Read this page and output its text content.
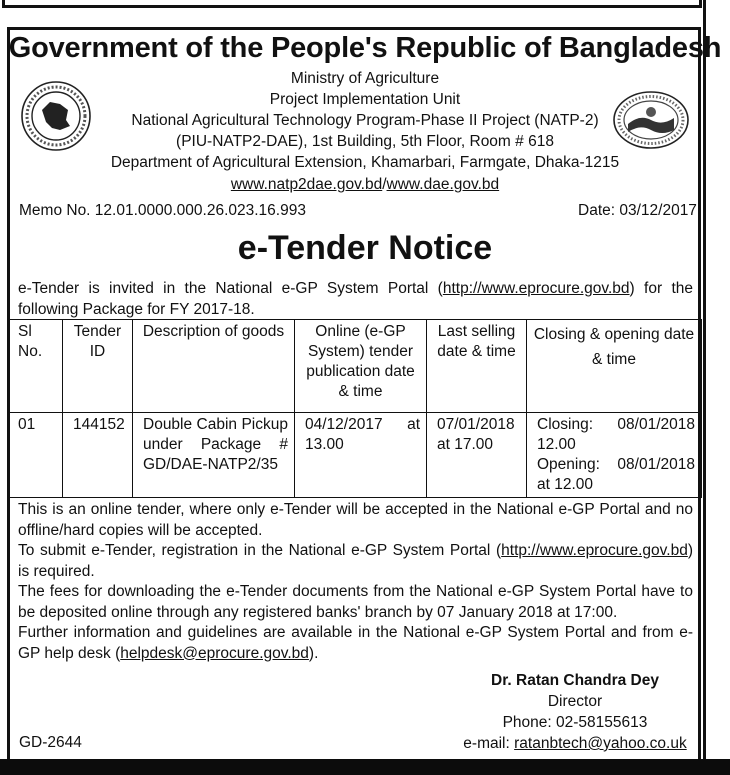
Government of the People's Republic of Bangladesh
Ministry of Agriculture
Project Implementation Unit
National Agricultural Technology Program-Phase II Project (NATP-2)
(PIU-NATP2-DAE), 1st Building, 5th Floor, Room # 618
Department of Agricultural Extension, Khamarbari, Farmgate, Dhaka-1215
www.natp2dae.gov.bd/www.dae.gov.bd
Memo No. 12.01.0000.000.26.023.16.993	Date: 03/12/2017
e-Tender Notice

e-Tender is invited in the National e-GP System Portal (http://www.eprocure.gov.bd) for the following Package for FY 2017-18.

Sl No.	Tender ID	Description of goods	Online (e-GP System) tender publication date & time	Last selling date & time	Closing & opening date & time
01	144152	Double Cabin Pickup under Package # GD/DAE-NATP2/35	04/12/2017 at 13.00	07/01/2018 at 17.00	Closing: 08/01/2018 12.00
Opening: 08/01/2018 at 12.00

This is an online tender, where only e-Tender will be accepted in the National e-GP Portal and no offline/hard copies will be accepted.

To submit e-Tender, registration in the National e-GP System Portal (http://www.eprocure.gov.bd) is required.

The fees for downloading the e-Tender documents from the National e-GP System Portal have to be deposited online through any registered banks' branch by 07 January 2018 at 17:00.

Further information and guidelines are available in the National e-GP System Portal and from e-GP help desk (helpdesk@eprocure.gov.bd).

Dr. Ratan Chandra Dey
Director
Phone: 02-58155613
e-mail: ratanbtech@yahoo.co.uk
GD-2644
